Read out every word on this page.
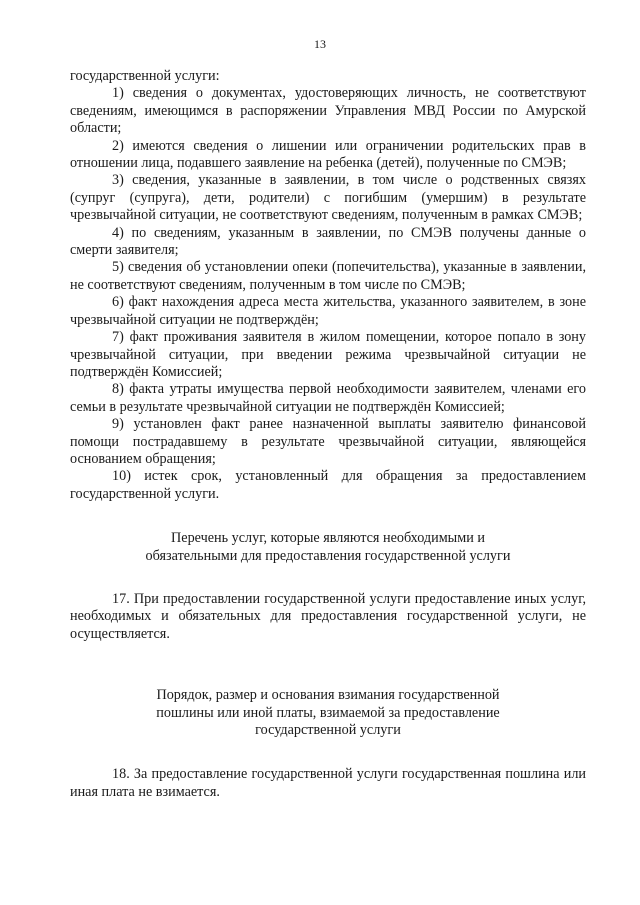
13

государственной услуги:

1) сведения о документах, удостоверяющих личность, не соответствуют сведениям, имеющимся в распоряжении Управления МВД России по Амурской области;

2) имеются сведения о лишении или ограничении родительских прав в отношении лица, подавшего заявление на ребенка (детей), полученные по СМЭВ;

3) сведения, указанные в заявлении, в том числе о родственных связях (супруг (супруга), дети, родители) с погибшим (умершим) в результате чрезвычайной ситуации, не соответствуют сведениям, полученным в рамках СМЭВ;

4) по сведениям, указанным в заявлении, по СМЭВ получены данные о смерти заявителя;

5) сведения об установлении опеки (попечительства), указанные в заявлении, не соответствуют сведениям, полученным в том числе по СМЭВ;

6) факт нахождения адреса места жительства, указанного заявителем, в зоне чрезвычайной ситуации не подтверждён;

7) факт проживания заявителя в жилом помещении, которое попало в зону чрезвычайной ситуации, при введении режима чрезвычайной ситуации не подтверждён Комиссией;

8) факта утраты имущества первой необходимости заявителем, членами его семьи в результате чрезвычайной ситуации не подтверждён Комиссией;

9) установлен факт ранее назначенной выплаты заявителю финансовой помощи пострадавшему в результате чрезвычайной ситуации, являющейся основанием обращения;

10) истек срок, установленный для обращения за предоставлением государственной услуги.

Перечень услуг, которые являются необходимыми и

обязательными для предоставления государственной услуги

17. При предоставлении государственной услуги предоставление иных услуг, необходимых и обязательных для предоставления государственной услуги, не осуществляется.

Порядок, размер и основания взимания государственной

пошлины или иной платы, взимаемой за предоставление

государственной услуги

18. За предоставление государственной услуги государственная пошлина или иная плата не взимается.
